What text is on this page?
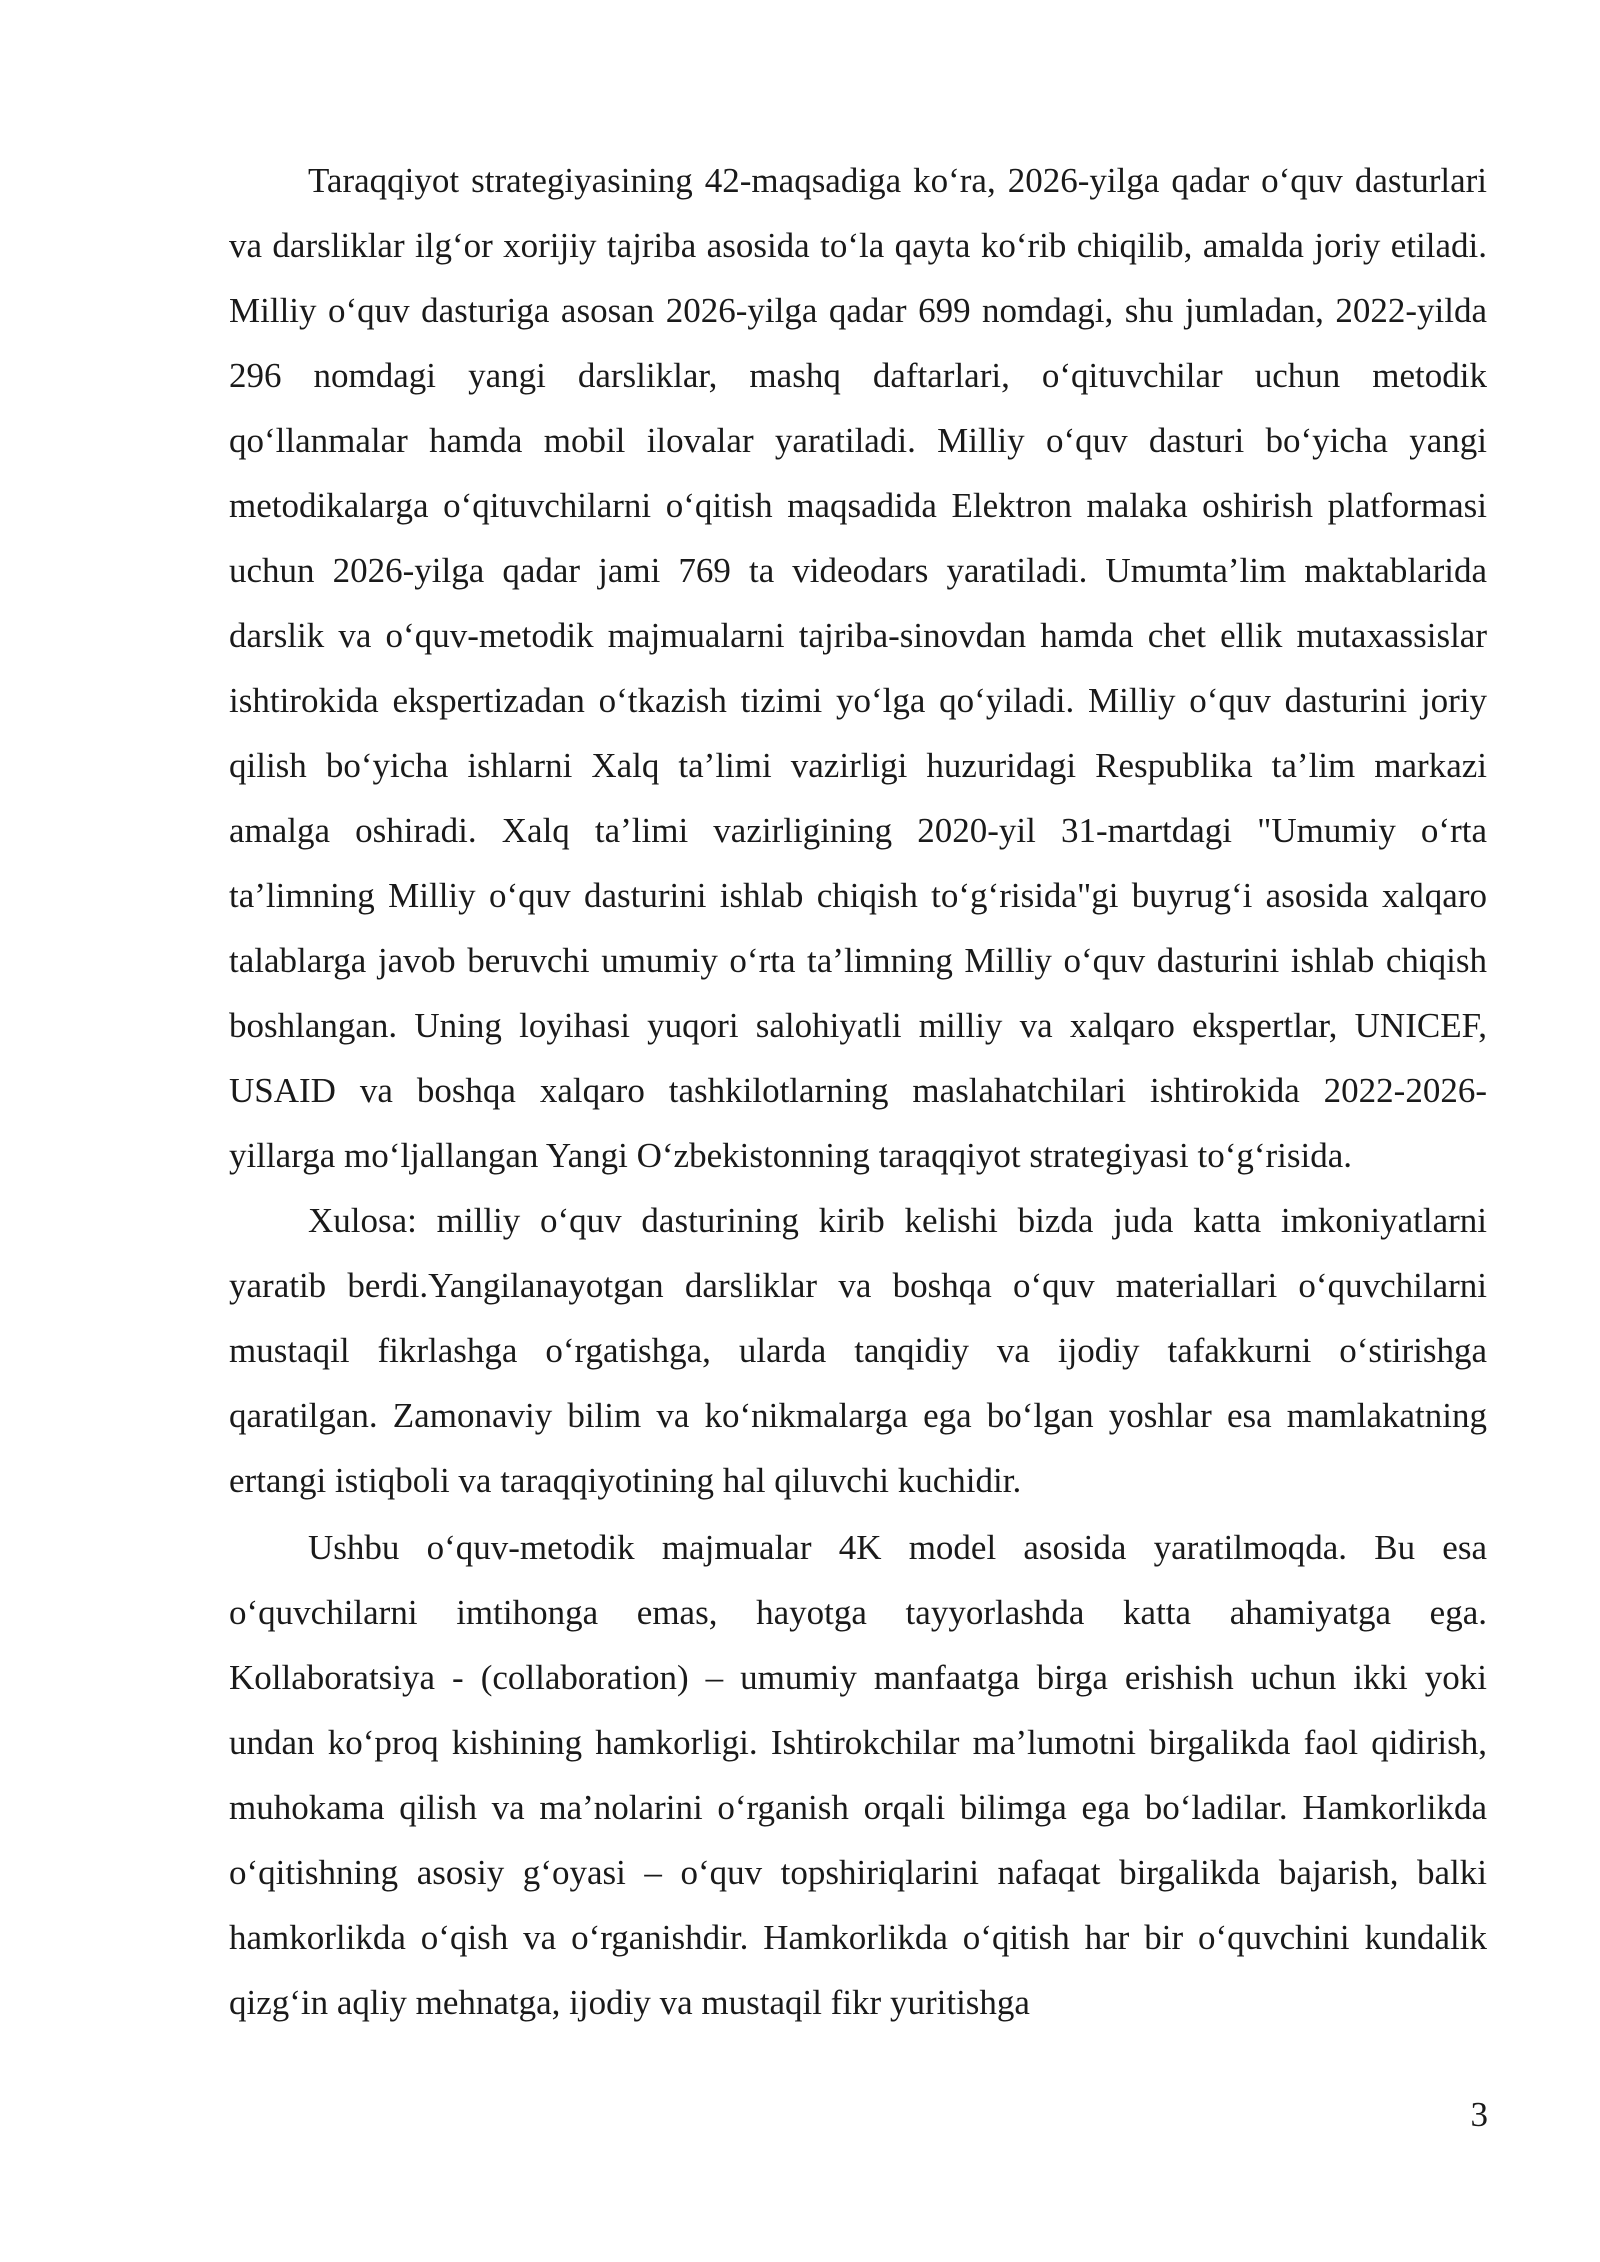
Taraqqiyot strategiyasining 42-maqsadiga ko‘ra, 2026-yilga qadar o‘quv dasturlari va darsliklar ilg‘or xorijiy tajriba asosida to‘la qayta ko‘rib chiqilib, amalda joriy etiladi. Milliy o‘quv dasturiga asosan 2026-yilga qadar 699 nomdagi, shu jumladan, 2022-yilda 296 nomdagi yangi darsliklar, mashq daftarlari, o‘qituvchilar uchun metodik qo‘llanmalar hamda mobil ilovalar yaratiladi. Milliy o‘quv dasturi bo‘yicha yangi metodikalarga o‘qituvchilarni o‘qitish maqsadida Elektron malaka oshirish platformasi uchun 2026-yilga qadar jami 769 ta videodars yaratiladi. Umumta’lim maktablarida darslik va o‘quv-metodik majmualarni tajriba-sinovdan hamda chet ellik mutaxassislar ishtirokida ekspertizadan o‘tkazish tizimi yo‘lga qo‘yiladi. Milliy o‘quv dasturini joriy qilish bo‘yicha ishlarni Xalq ta’limi vazirligi huzuridagi Respublika ta’lim markazi amalga oshiradi. Xalq ta’limi vazirligining 2020-yil 31-martdagi "Umumiy o‘rta ta’limning Milliy o‘quv dasturini ishlab chiqish to‘g‘risida"gi buyrug‘i asosida xalqaro talablarga javob beruvchi umumiy o‘rta ta’limning Milliy o‘quv dasturini ishlab chiqish boshlangan. Uning loyihasi yuqori salohiyatli milliy va xalqaro ekspertlar, UNICEF, USAID va boshqa xalqaro tashkilotlarning maslahatchilari ishtirokida 2022-2026-yillarga mo‘ljallangan Yangi O‘zbekistonning taraqqiyot strategiyasi to‘g‘risida.

Xulosa: milliy o‘quv dasturining kirib kelishi bizda juda katta imkoniyatlarni yaratib berdi.Yangilanayotgan darsliklar va boshqa o‘quv materiallari o‘quvchilarni mustaqil fikrlashga o‘rgatishga, ularda tanqidiy va ijodiy tafakkurni o‘stirishga qaratilgan. Zamonaviy bilim va ko‘nikmalarga ega bo‘lgan yoshlar esa mamlakatning ertangi istiqboli va taraqqiyotining hal qiluvchi kuchidir.

Ushbu o‘quv-metodik majmualar 4K model asosida yaratilmoqda. Bu esa o‘quvchilarni imtihonga emas, hayotga tayyorlashda katta ahamiyatga ega. Kollaboratsiya - (collaboration) – umumiy manfaatga birga erishish uchun ikki yoki undan ko‘proq kishining hamkorligi. Ishtirokchilar ma’lumotni birgalikda faol qidirish, muhokama qilish va ma’nolarini o‘rganish orqali bilimga ega bo‘ladilar. Hamkorlikda o‘qitishning asosiy g‘oyasi – o‘quv topshiriqlarini nafaqat birgalikda bajarish, balki hamkorlikda o‘qish va o‘rganishdir. Hamkorlikda o‘qitish har bir o‘quvchini kundalik qizg‘in aqliy mehnatga, ijodiy va mustaqil fikr yuritishga

3
